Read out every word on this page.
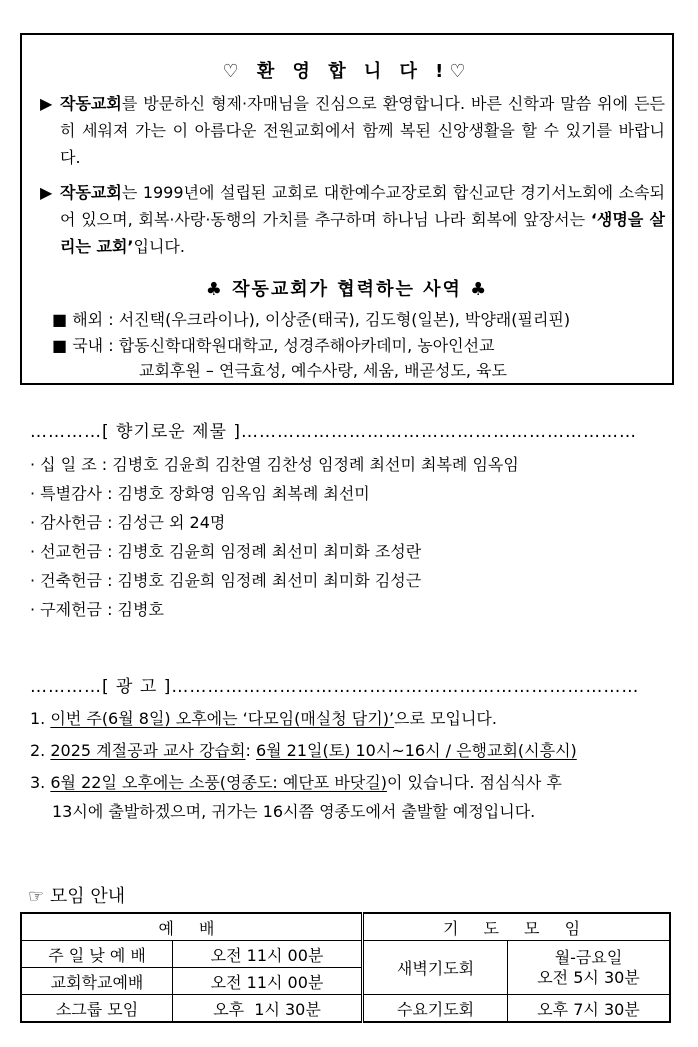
♡ 환 영 합 니 다 !♡
▶ 작동교회를 방문하신 형제·자매님을 진심으로 환영합니다. 바른 신학과 말씀 위에 든든히 세워져 가는 이 아름다운 전원교회에서 함께 복된 신앙생활을 할 수 있기를 바랍니다.
▶ 작동교회는 1999년에 설립된 교회로 대한예수교장로회 합신교단 경기서노회에 소속되어 있으며, 회복·사랑·동행의 가치를 추구하며 하나님 나라 회복에 앞장서는 ‘생명을 살리는 교회’입니다.
♣ 작동교회가 협력하는 사역 ♣
■ 해외 : 서진택(우크라이나), 이상준(태국), 김도형(일본), 박양래(필리핀)
■ 국내 : 합동신학대학원대학교, 성경주해아카데미, 농아인선교
교회후원 – 연극효성, 예수사랑, 세움, 배곧성도, 육도
…………[ 향기로운 제물 ]…………………………………………………………
· 십 일 조 : 김병호 김윤희 김찬열 김찬성 임정례 최선미 최복례 임옥임
· 특별감사 : 김병호 장화영 임옥임 최복례 최선미
· 감사헌금 : 김성근 외 24명
· 선교헌금 : 김병호 김윤희 임정례 최선미 최미화 조성란
· 건축헌금 : 김병호 김윤희 임정례 최선미 최미화 김성근
· 구제헌금 : 김병호
…………[ 광 고 ]……………………………………………………………………
1. 이번 주(6월 8일) 오후에는 ‘다모임(매실청 담기)’으로 모입니다.
2. 2025 계절공과 교사 강습회: 6월 21일(토) 10시~16시 / 은행교회(시흥시)
3. 6월 22일 오후에는 소풍(영종도: 예단포 바닷길)이 있습니다. 점심식사 후
13시에 출발하겠으며, 귀가는 16시쯤 영종도에서 출발할 예정입니다.
☞ 모임 안내
예 배		기 도 모 임	
주 일 낮 예 배	오전 11시 00분	새벽기도회	월-금요일
오전 5시 30분

교회학교예배	오전 11시 00분		
소그룹 모임	오후  1시 30분	수요기도회	오후 7시 30분
